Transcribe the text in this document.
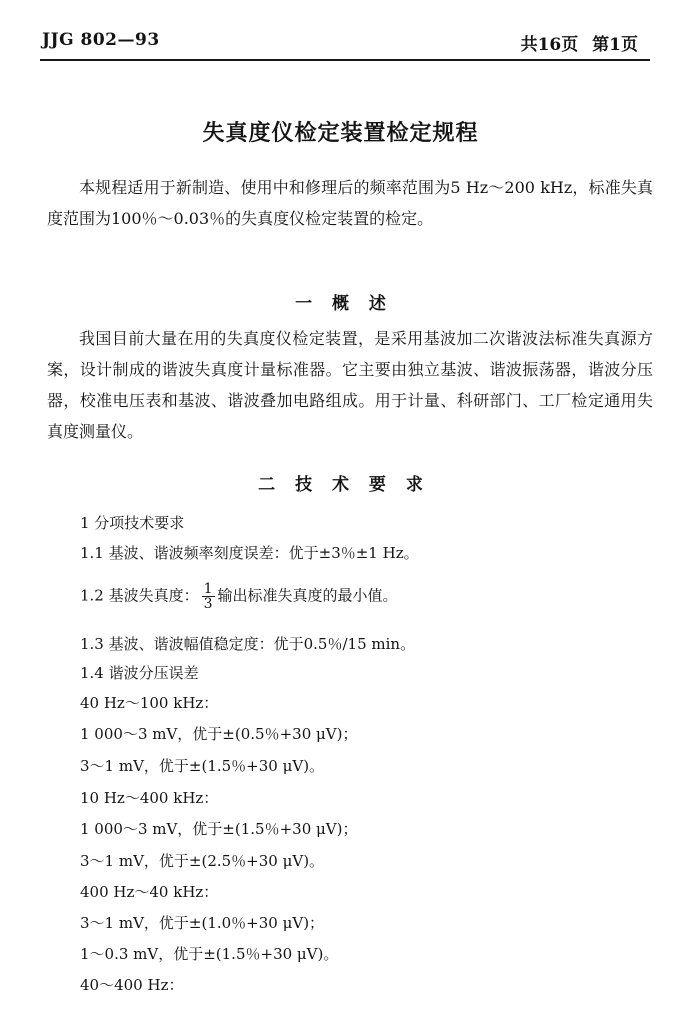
JJG 802—93	共16页 第1页
失真度仪检定装置检定规程

本规程适用于新制造、使用中和修理后的频率范围为5 Hz～200 kHz，标准失真度范围为100％～0.03％的失真度仪检定装置的检定。

一 概 述

我国目前大量在用的失真度仪检定装置，是采用基波加二次谐波法标准失真源方案，设计制成的谐波失真度计量标准器。它主要由独立基波、谐波振荡器，谐波分压器，校准电压表和基波、谐波叠加电路组成。用于计量、科研部门、工厂检定通用失真度测量仪。

二 技 术 要 求
1 分项技术要求
1.1 基波、谐波频率刻度误差：优于±3％±1 Hz。
1.2 基波失真度： $\frac{1}{3}$ 输出标准失真度的最小值。
1.3 基波、谐波幅值稳定度：优于0.5％/15 min。
1.4 谐波分压误差
40 Hz～100 kHz：
1 000～3 mV，优于±(0.5％+30 μV)；
3～1 mV，优于±(1.5％+30 μV)。
10 Hz～400 kHz：
1 000～3 mV，优于±(1.5％+30 μV)；
3～1 mV，优于±(2.5％+30 μV)。
400 Hz～40 kHz：
3～1 mV，优于±(1.0％+30 μV)；
1～0.3 mV，优于±(1.5％+30 μV)。
40～400 Hz：
